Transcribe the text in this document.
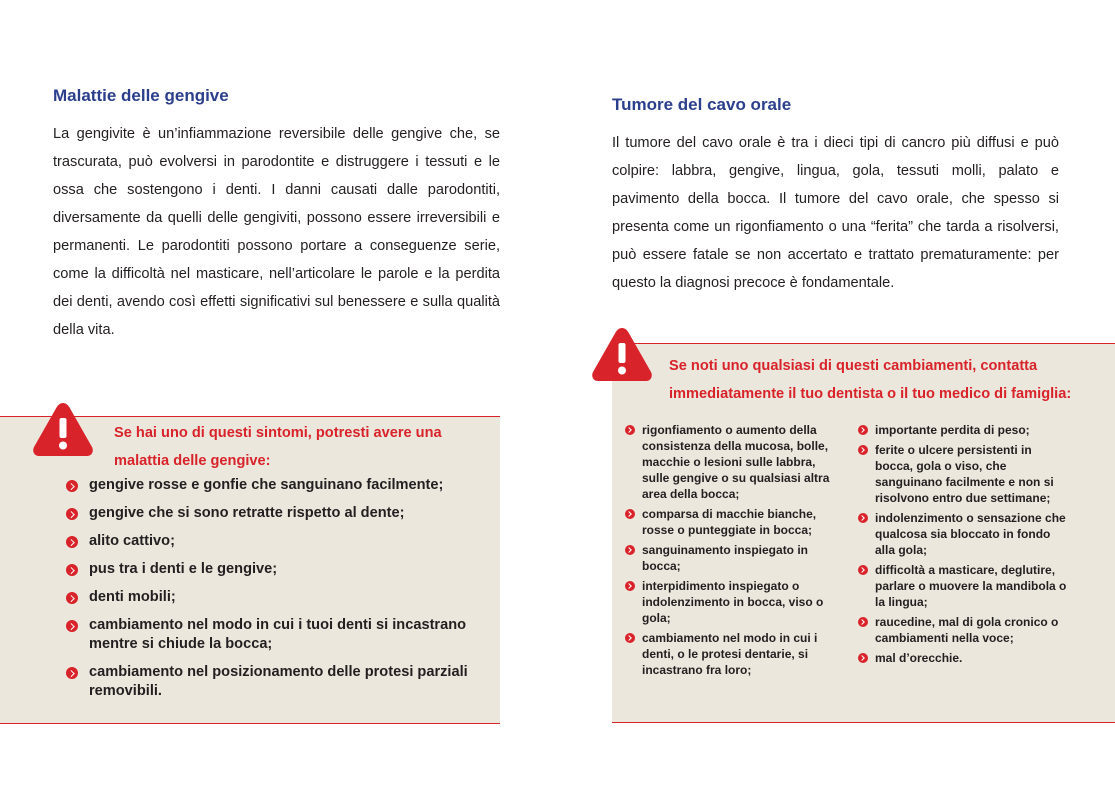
Malattie delle gengive

La gengivite è un’infiammazione reversibile delle gengive che, se trascurata, può evolversi in parodontite e distruggere i tessuti e le ossa che sostengono i denti. I danni causati dalle parodontiti, diversamente da quelli delle gengiviti, possono essere irreversibili e permanenti. Le parodontiti possono portare a conseguenze serie, come la difficoltà nel masticare, nell’articolare le parole e la perdita dei denti, avendo così effetti significativi sul benessere e sulla qualità della vita.

Se hai uno di questi sintomi, potresti avere una malattia delle gengive:
gengive rosse e gonfie che sanguinano facilmente;
gengive che si sono retratte rispetto al dente;
alito cattivo;
pus tra i denti e le gengive;
denti mobili;
cambiamento nel modo in cui i tuoi denti si incastrano mentre si chiude la bocca;
cambiamento nel posizionamento delle protesi parziali removibili.
Tumore del cavo orale

Il tumore del cavo orale è tra i dieci tipi di cancro più diffusi e può colpire: labbra, gengive, lingua, gola, tessuti molli, palato e pavimento della bocca. Il tumore del cavo orale, che spesso si presenta come un rigonfiamento o una “ferita” che tarda a risolversi, può essere fatale se non accertato e trattato prematuramente: per questo la diagnosi precoce è fondamentale.

Se noti uno qualsiasi di questi cambiamenti, contatta immediatamente il tuo dentista o il tuo medico di famiglia:
rigonfiamento o aumento della consistenza della mucosa, bolle, macchie o lesioni sulle labbra, sulle gengive o su qualsiasi altra area della bocca;
comparsa di macchie bianche, rosse o punteggiate in bocca;
sanguinamento inspiegato in bocca;
interpidimento inspiegato o indolenzimento in bocca, viso o gola;
cambiamento nel modo in cui i denti, o le protesi dentarie, si incastrano fra loro;
importante perdita di peso;
ferite o ulcere persistenti in bocca, gola o viso, che sanguinano facilmente e non si risolvono entro due settimane;
indolenzimento o sensazione che qualcosa sia bloccato in fondo alla gola;
difficoltà a masticare, deglutire, parlare o muovere la mandibola o la lingua;
raucedine, mal di gola cronico o cambiamenti nella voce;
mal d’orecchie.
